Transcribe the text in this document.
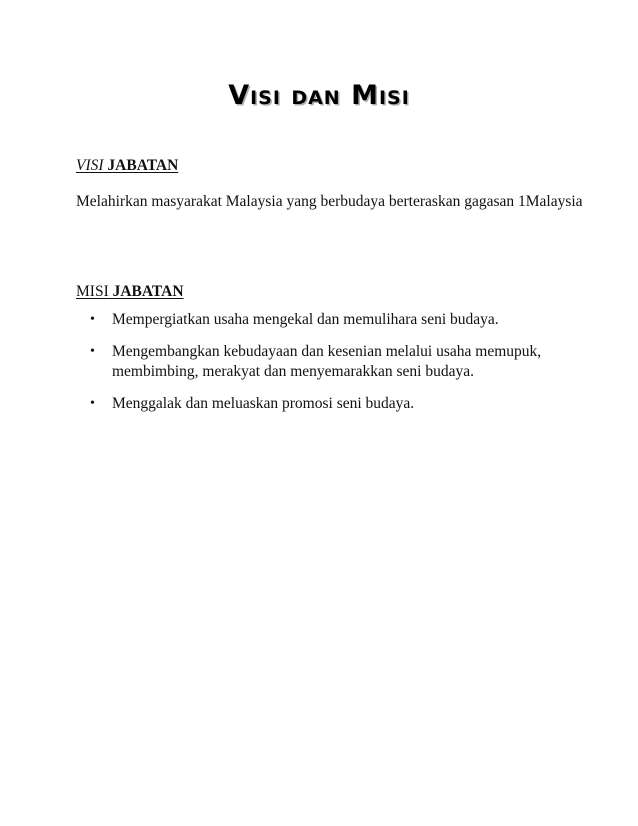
Visi dan Misi
VISI JABATAN
Melahirkan masyarakat Malaysia yang berbudaya berteraskan gagasan 1Malaysia
MISI JABATAN
• Mempergiatkan usaha mengekal dan memulihara seni budaya.
• Mengembangkan kebudayaan dan kesenian melalui usaha memupuk, membimbing, merakyat dan menyemarakkan seni budaya.
• Menggalak dan meluaskan promosi seni budaya.
